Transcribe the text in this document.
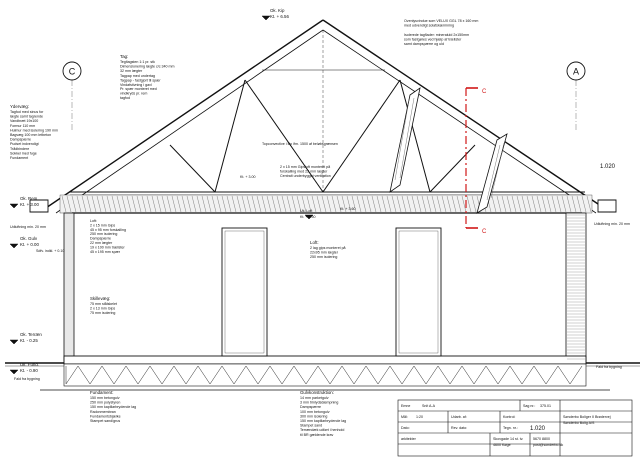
C	A
C
C
1.020
Ok. Kip
Kt. + 6.56
Ok. Rem
Kt. + 3.00
Ok. Gulv
Kt. + 0.00
Ok. Terræn
Kt. - 0.25
Uk. Fund.
Kt. - 0.90
Udluftning min. 20 mm
Udluftning min. 20 mm
Fald fra bygning
Fald fra bygning
Uk. Loft
Kt. + 2.50
Kt. + 3.00
Kt. + 3.60
Sdfv. indkl. + 0.10
Topconvective i kip ifm. 1500 af beløbsgrænsen
Tag:
Tegltagsten 1:1 pr. stk
Dimensionering lægte c/c 340 mm
32 mm lægter
Tagpap med undertag
Tagpap - fastgjort til spær
Vindafstivning i gavl
Pr. spær monteret med
vindkryds pr. rem
tagfod
Ydervæg:
Tagfod med sinus for
lægte samt tagrende
Vandbræt 19x100
Formur 110 mm
Hulmur med isolering 190 mm
Bagvæg 100 mm letbeton
Dampspærre
Pudset indvendigt
Trådbindere
Sokkel med fuge
Fundament
Loft:
2 x 15 mm Gips
45 x 95 mm forskalling
250 mm isolering
Dampspærre
22 mm lægter
19 x 100 mm trælister
45 x 195 mm spær
Skillevæg:
75 mm stålskelet
2 x 13 mm Gips
75 mm isolering
Loft:
2 lag gips monteret på
22x95 mm lægter
250 mm isolering
Fundament:
150 mm betongulv
250 mm polystyren
150 mm kapillarbrydende lag
Radonmembran
Fundamentsbjælke
Stampet sand/grus
Gulvkonstruktion:
14 mm parketgulv
3 mm trinlydsdæmpning
Dampspærre
100 mm betongulv
300 mm isolering
150 mm kapillarbrydende lag
Stampet sand
Terrændæk udført i henhold
til BR gældende krav
Ovenlysvindue som VELUX GGL 78 x 160 mm
med udvendigt solafskærmning
Isolerede tagflader: mineraluld 2x150mm
som fastgøres ved hjælp af trælister
samt dampspærre og uld
2 x 15 mm Gipsloft monteret på
forskalling med 22 mm lægter
Centralt underbygget ventilation
Emne	Snit A-A	Sag nr.: 375.01
Mål: 1:20	Udarb. af:	Kontrol:
Dato:	Rev. dato:	Tegn. nr.: 1.020
arkitekter	Skovgade 14 st. tv.
4600 Køge
5670 8800
post@sonderbo.dk
Sønderbo Boliger II Brødervej
Sønderbo Bolig A/S
